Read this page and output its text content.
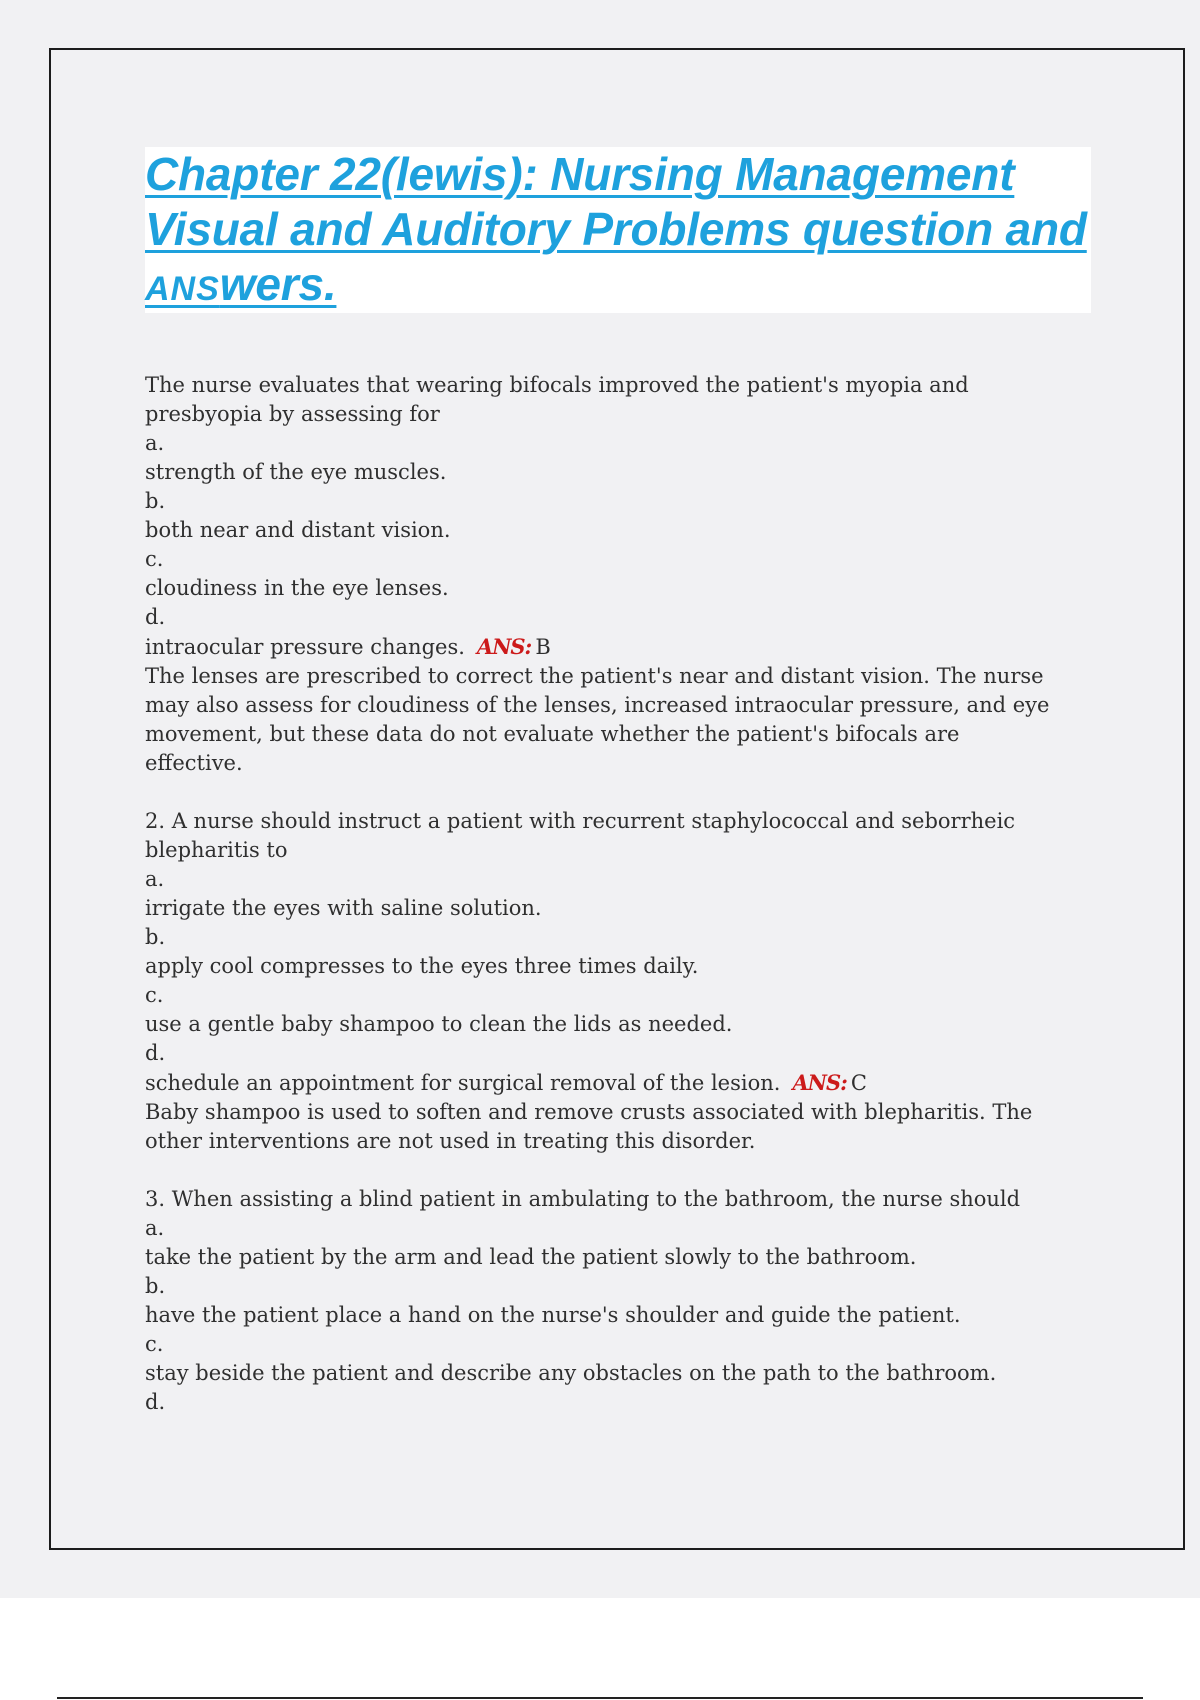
Chapter 22(lewis): Nursing Management Visual and Auditory Problems question and ANSwers.
The nurse evaluates that wearing bifocals improved the patient's myopia and
presbyopia by assessing for
a.
strength of the eye muscles.
b.
both near and distant vision.
c.
cloudiness in the eye lenses.
d.
intraocular pressure changes. ANS: B
The lenses are prescribed to correct the patient's near and distant vision. The nurse
may also assess for cloudiness of the lenses, increased intraocular pressure, and eye
movement, but these data do not evaluate whether the patient's bifocals are
effective.
2. A nurse should instruct a patient with recurrent staphylococcal and seborrheic
blepharitis to
a.
irrigate the eyes with saline solution.
b.
apply cool compresses to the eyes three times daily.
c.
use a gentle baby shampoo to clean the lids as needed.
d.
schedule an appointment for surgical removal of the lesion. ANS: C
Baby shampoo is used to soften and remove crusts associated with blepharitis. The
other interventions are not used in treating this disorder.
3. When assisting a blind patient in ambulating to the bathroom, the nurse should
a.
take the patient by the arm and lead the patient slowly to the bathroom.
b.
have the patient place a hand on the nurse's shoulder and guide the patient.
c.
stay beside the patient and describe any obstacles on the path to the bathroom.
d.
